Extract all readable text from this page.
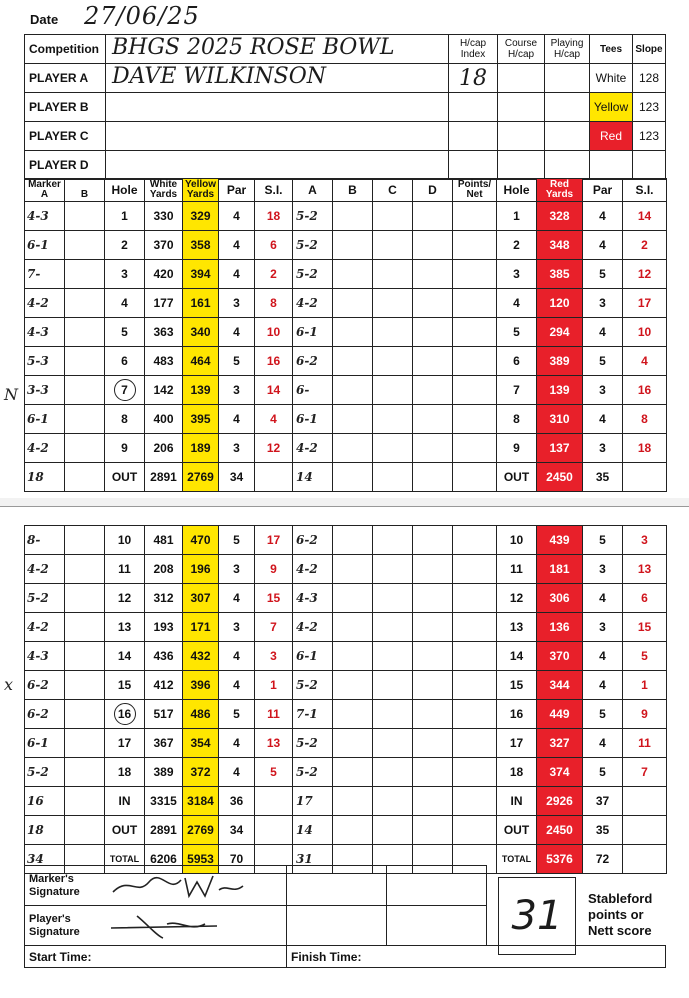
Date 27/06/25
Competition	BHGS 2025 ROSE BOWL	H/cap Index	Course H/cap	Playing H/cap	Tees	Slope
PLAYER A	DAVE WILKINSON	18			White	128
PLAYER B					Yellow	123
PLAYER C					Red	123
PLAYER D						
Marker
A	B	Hole	White Yards	Yellow Yards	Par	S.I.	A	B	C	D	Points/ Net	Hole	Red Yards	Par	S.I.
4-3		1	330	329	4	18	5-2					1	328	4	14
6-1		2	370	358	4	6	5-2					2	348	4	2
7-		3	420	394	4	2	5-2					3	385	5	12
4-2		4	177	161	3	8	4-2					4	120	3	17
4-3		5	363	340	4	10	6-1					5	294	4	10
5-3		6	483	464	5	16	6-2					6	389	5	4
3-3		7	142	139	3	14	6-					7	139	3	16
6-1		8	400	395	4	4	6-1					8	310	4	8
4-2		9	206	189	3	12	4-2					9	137	3	18
18		OUT	2891	2769	34		14					OUT	2450	35	
N
8-		10	481	470	5	17	6-2					10	439	5	3
4-2		11	208	196	3	9	4-2					11	181	3	13
5-2		12	312	307	4	15	4-3					12	306	4	6
4-2		13	193	171	3	7	4-2					13	136	3	15
4-3		14	436	432	4	3	6-1					14	370	4	5
6-2		15	412	396	4	1	5-2					15	344	4	1
6-2		16	517	486	5	11	7-1					16	449	5	9
6-1		17	367	354	4	13	5-2					17	327	4	11
5-2		18	389	372	4	5	5-2					18	374	5	7
16		IN	3315	3184	36		17					IN	2926	37	
18		OUT	2891	2769	34		14					OUT	2450	35	
34		TOTAL	6206	5953	70		31					TOTAL	5376	72	
x
Marker's Signature

Player's Signature	

Start Time:	Finish Time:		
31	Stableford points or Nett score
